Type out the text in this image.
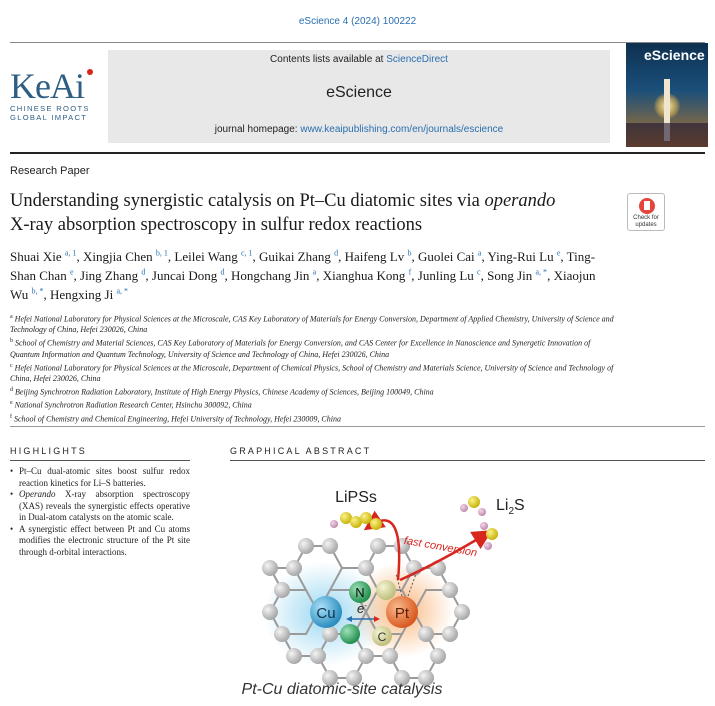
eScience 4 (2024) 100222
KeAi
CHINESE ROOTS
GLOBAL IMPACT
Contents lists available at ScienceDirect
eScience
journal homepage: www.keaipublishing.com/en/journals/escience
eScience
Research Paper
Understanding synergistic catalysis on Pt–Cu diatomic sites via operando
X-ray absorption spectroscopy in sulfur redox reactions	Check for
updates
Shuai Xie $^{a, 1}$, Xingjia Chen $^{b, 1}$, Leilei Wang $^{c, 1}$, Guikai Zhang $^d$, Haifeng Lv $^b$, Guolei Cai $^a$, Ying-Rui Lu $^e$, Ting-Shan Chan $^e$, Jing Zhang $^d$, Juncai Dong $^d$, Hongchang Jin $^a$, Xianghua Kong $^f$, Junling Lu $^c$, Song Jin $^{a, *}$, Xiaojun Wu $^{b, *}$, Hengxing Ji $^{a, *}$
$^a$ Hefei National Laboratory for Physical Sciences at the Microscale, CAS Key Laboratory of Materials for Energy Conversion, Department of Applied Chemistry, University of Science and Technology of China, Hefei 230026, China
$^b$ School of Chemistry and Material Sciences, CAS Key Laboratory of Materials for Energy Conversion, and CAS Center for Excellence in Nanoscience and Synergetic Innovation of Quantum Information and Quantum Technology, University of Science and Technology of China, Hefei 230026, China
$^c$ Hefei National Laboratory for Physical Sciences at the Microscale, Department of Chemical Physics, School of Chemistry and Materials Science, University of Science and Technology of China, Hefei 230026, China
$^d$ Beijing Synchrotron Radiation Laboratory, Institute of High Energy Physics, Chinese Academy of Sciences, Beijing 100049, China
$^e$ National Synchrotron Radiation Research Center, Hsinchu 300092, China
$^f$ School of Chemistry and Chemical Engineering, Hefei University of Technology, Hefei 230009, China
HIGHLIGHTS
• Pt–Cu dual-atomic sites boost sulfur redox reaction kinetics for Li–S batteries.
• Operando X-ray absorption spectroscopy (XAS) reveals the synergistic effects operative in Dual-atom catalysts on the atomic scale.
• A synergistic effect between Pt and Cu atoms modifies the electronic structure of the Pt site through d-orbital interactions.
GRAPHICAL ABSTRACT
N
C
Cu	Pt
e-
fast conversion
LiPSs	$Li_2S$
Pt-Cu diatomic-site catalysis
